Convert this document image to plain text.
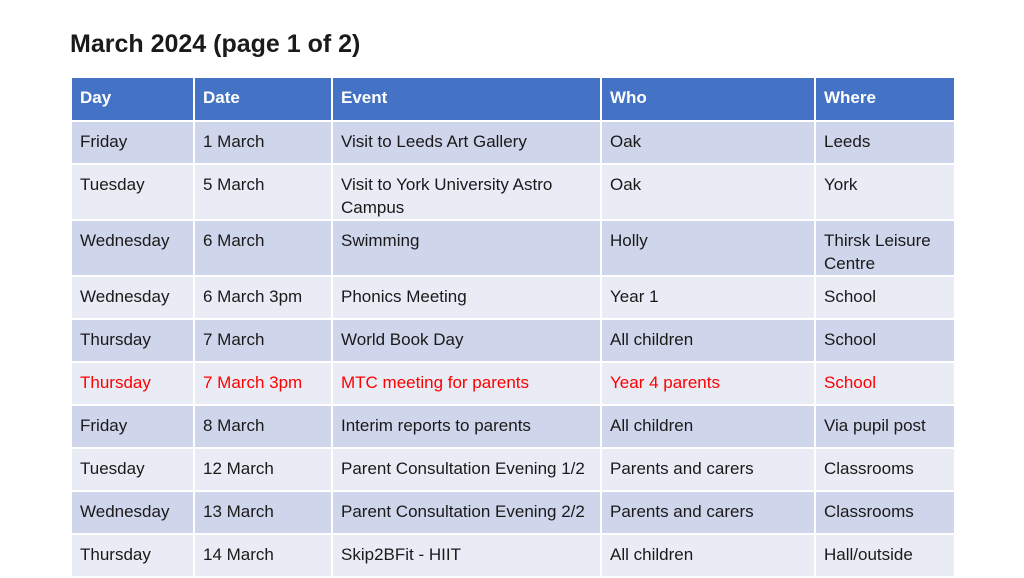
March 2024 (page 1 of 2)
Day	Date	Event	Who	Where
Friday	1 March	Visit to Leeds Art Gallery	Oak	Leeds
Tuesday	5 March	Visit to York University Astro Campus	Oak	York
Wednesday	6 March	Swimming	Holly	Thirsk Leisure Centre
Wednesday	6 March 3pm	Phonics Meeting	Year 1	School
Thursday	7 March	World Book Day	All children	School
Thursday	7 March 3pm	MTC meeting for parents	Year 4 parents	School
Friday	8 March	Interim reports to parents	All children	Via pupil post
Tuesday	12 March	Parent Consultation Evening 1/2	Parents and carers	Classrooms
Wednesday	13 March	Parent Consultation Evening 2/2	Parents and carers	Classrooms
Thursday	14 March	Skip2BFit - HIIT	All children	Hall/outside
